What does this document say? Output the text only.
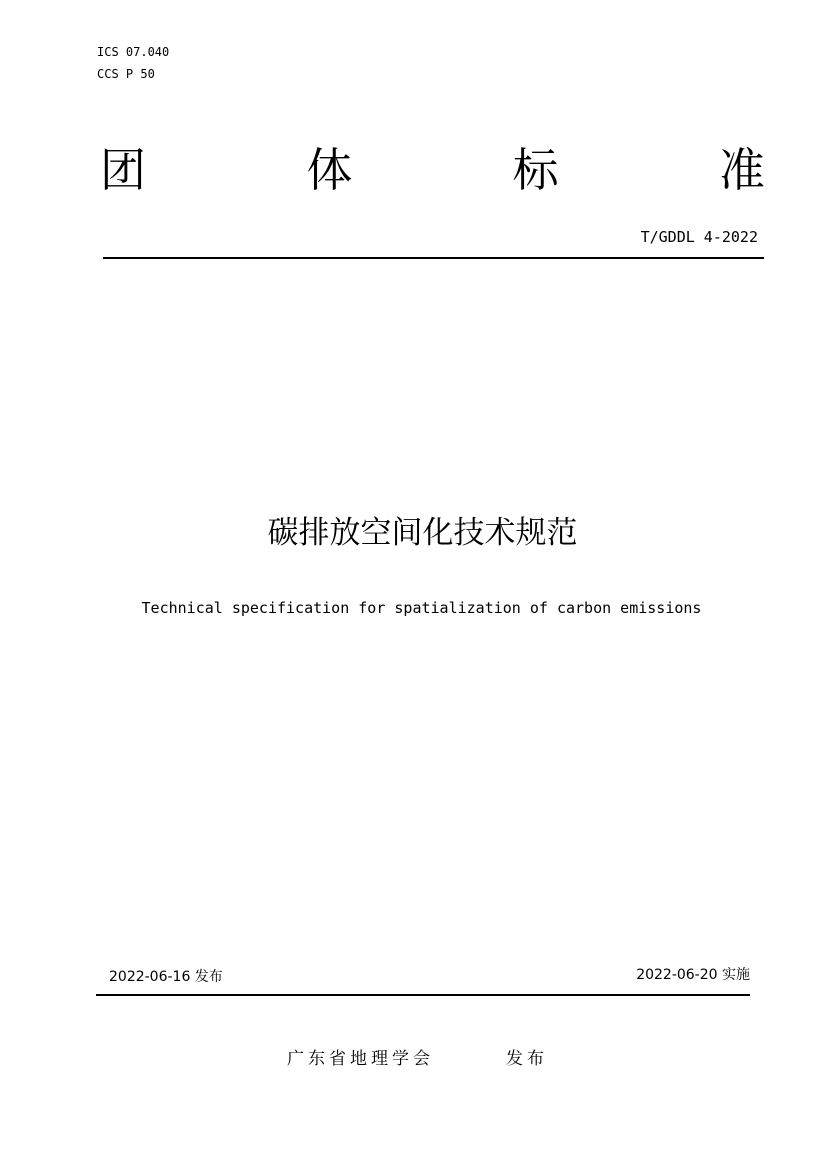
ICS 07.040
CCS P 50
团	体	标	准
T/GDDL 4-2022
碳排放空间化技术规范
Technical specification for spatialization of carbon emissions
2022-06-16 发布	2022-06-20 实施
广东省地理学会	发布
